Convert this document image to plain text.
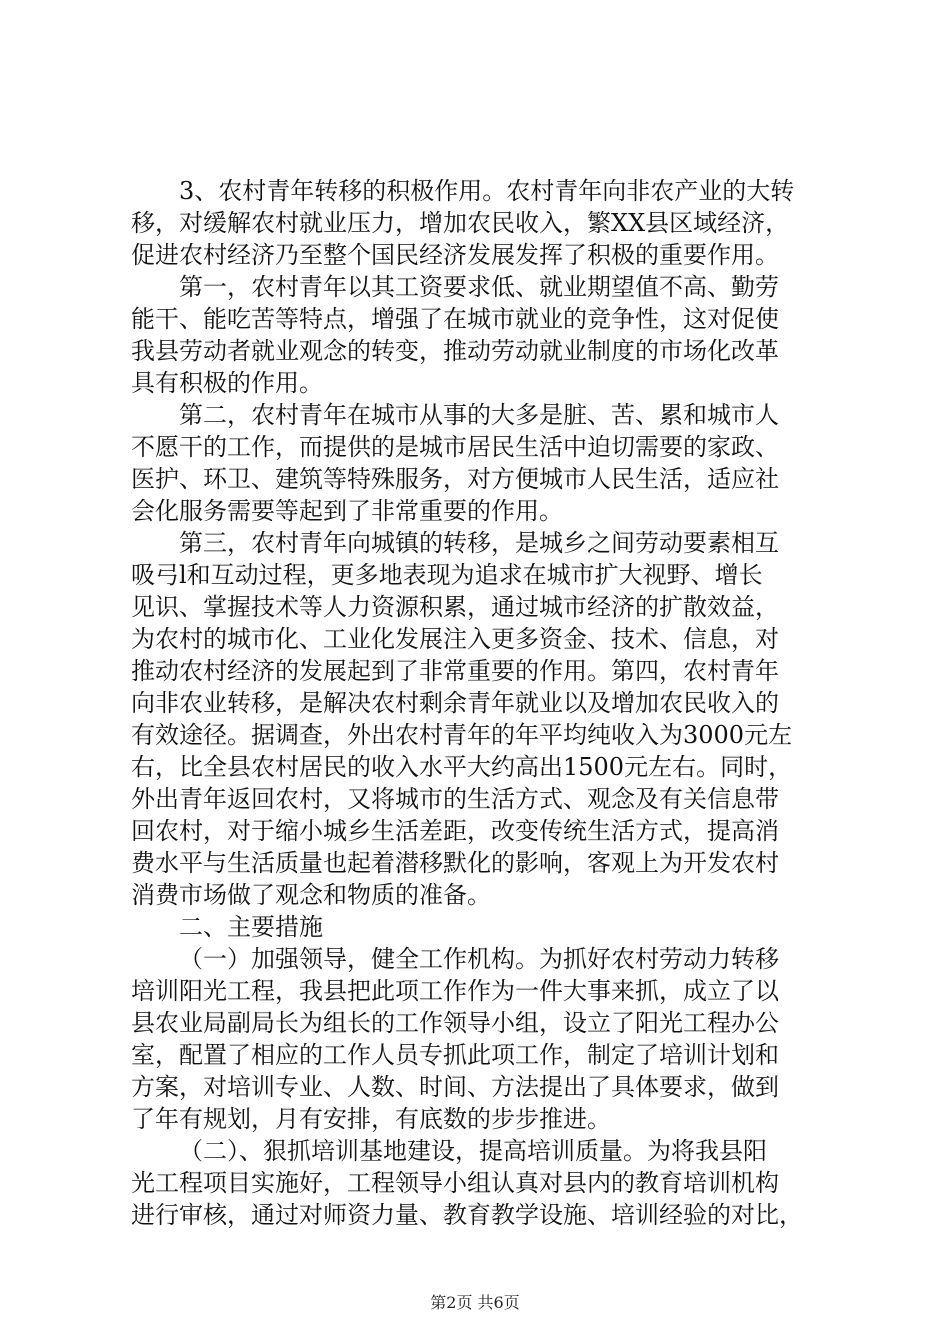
3、农村青年转移的积极作用。农村青年向非农产业的大转
移，对缓解农村就业压力，增加农民收入，繁XX县区域经济，
促进农村经济乃至整个国民经济发展发挥了积极的重要作用。

第一，农村青年以其工资要求低、就业期望值不高、勤劳
能干、能吃苦等特点，增强了在城市就业的竞争性，这对促使
我县劳动者就业观念的转变，推动劳动就业制度的市场化改革
具有积极的作用。

第二，农村青年在城市从事的大多是脏、苦、累和城市人
不愿干的工作，而提供的是城市居民生活中迫切需要的家政、
医护、环卫、建筑等特殊服务，对方便城市人民生活，适应社
会化服务需要等起到了非常重要的作用。

第三，农村青年向城镇的转移，是城乡之间劳动要素相互
吸弓l和互动过程，更多地表现为追求在城市扩大视野、增长
见识、掌握技术等人力资源积累，通过城市经济的扩散效益，
为农村的城市化、工业化发展注入更多资金、技术、信息，对
推动农村经济的发展起到了非常重要的作用。第四，农村青年
向非农业转移，是解决农村剩余青年就业以及增加农民收入的
有效途径。据调查，外出农村青年的年平均纯收入为3000元左
右，比全县农村居民的收入水平大约高出1500元左右。同时，
外出青年返回农村，又将城市的生活方式、观念及有关信息带
回农村，对于缩小城乡生活差距，改变传统生活方式，提高消
费水平与生活质量也起着潜移默化的影响，客观上为开发农村
消费市场做了观念和物质的准备。

二、主要措施

（一）加强领导，健全工作机构。为抓好农村劳动力转移
培训阳光工程，我县把此项工作作为一件大事来抓，成立了以
县农业局副局长为组长的工作领导小组，设立了阳光工程办公
室，配置了相应的工作人员专抓此项工作，制定了培训计划和
方案，对培训专业、人数、时间、方法提出了具体要求，做到
了年有规划，月有安排，有底数的步步推进。

（二）、狠抓培训基地建设，提高培训质量。为将我县阳
光工程项目实施好，工程领导小组认真对县内的教育培训机构
进行审核，通过对师资力量、教育教学设施、培训经验的对比，

第2页 共6页
